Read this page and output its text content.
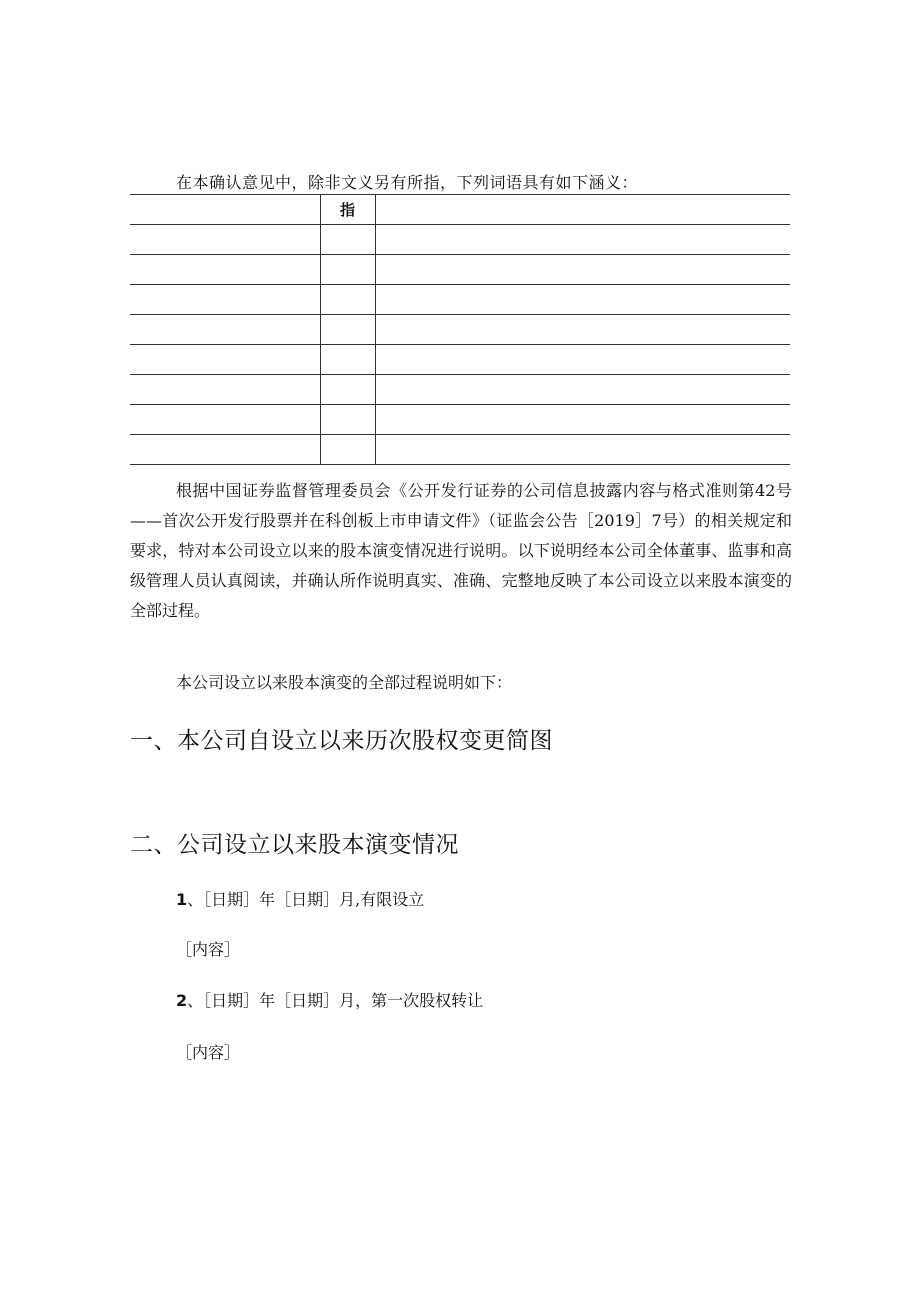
在本确认意见中，除非文义另有所指，下列词语具有如下涵义：
	指	

根据中国证券监督管理委员会《公开发行证券的公司信息披露内容与格式准则第42号——首次公开发行股票并在科创板上市申请文件》（证监会公告［2019］7号）的相关规定和要求，特对本公司设立以来的股本演变情况进行说明。以下说明经本公司全体董事、监事和高级管理人员认真阅读，并确认所作说明真实、准确、完整地反映了本公司设立以来股本演变的全部过程。

本公司设立以来股本演变的全部过程说明如下：
一、本公司自设立以来历次股权变更简图
二、公司设立以来股本演变情况
1、［日期］年［日期］月,有限设立
［内容］
2、［日期］年［日期］月，第一次股权转让
［内容］
